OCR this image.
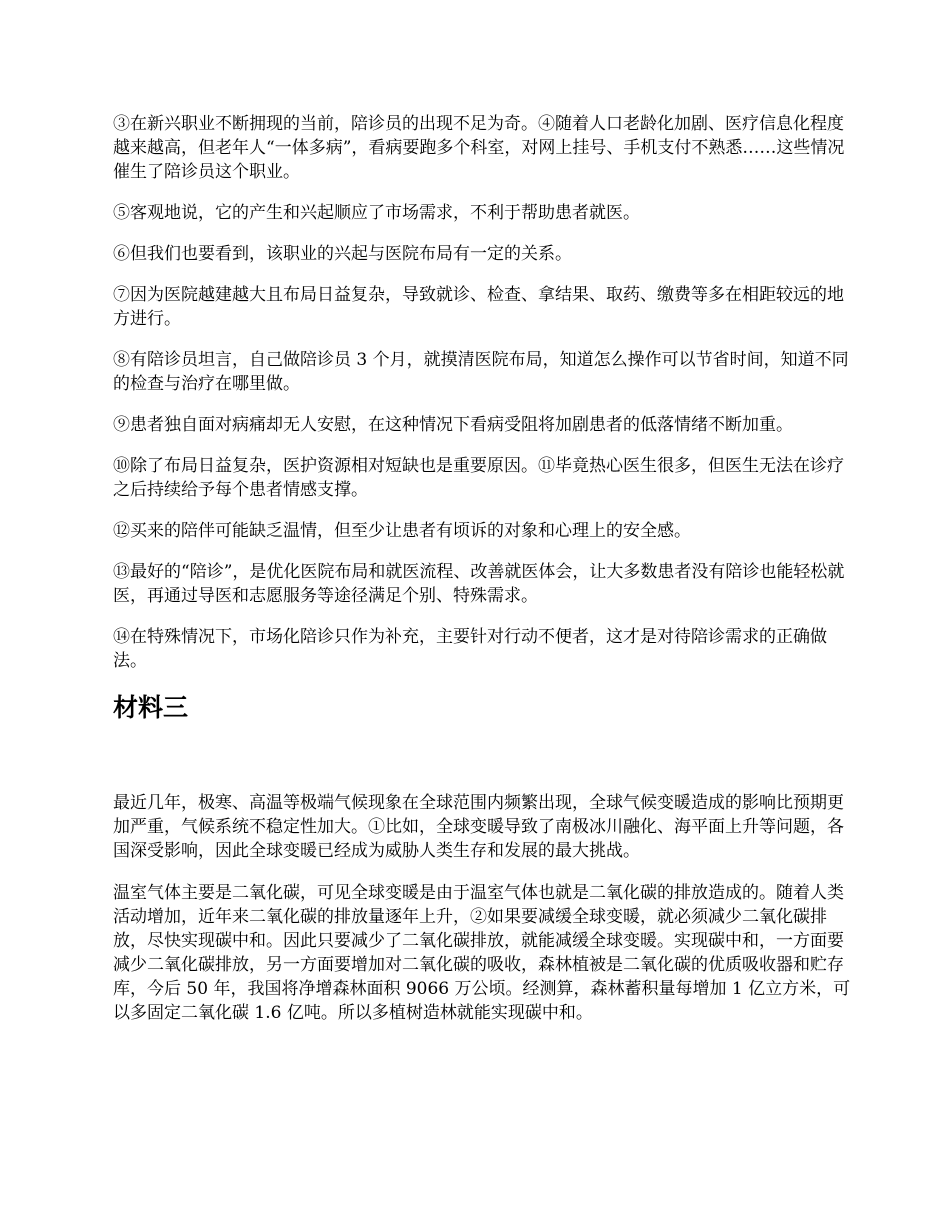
③在新兴职业不断拥现的当前，陪诊员的出现不足为奇。④随着人口老龄化加剧、医疗信息化程度越来越高，但老年人“一体多病”，看病要跑多个科室，对网上挂号、手机支付不熟悉……这些情况催生了陪诊员这个职业。

⑤客观地说，它的产生和兴起顺应了市场需求，不利于帮助患者就医。

⑥但我们也要看到，该职业的兴起与医院布局有一定的关系。

⑦因为医院越建越大且布局日益复杂，导致就诊、检查、拿结果、取药、缴费等多在相距较远的地方进行。

⑧有陪诊员坦言，自己做陪诊员 3 个月，就摸清医院布局，知道怎么操作可以节省时间，知道不同的检查与治疗在哪里做。

⑨患者独自面对病痛却无人安慰，在这种情况下看病受阻将加剧患者的低落情绪不断加重。

⑩除了布局日益复杂，医护资源相对短缺也是重要原因。⑪毕竟热心医生很多，但医生无法在诊疗之后持续给予每个患者情感支撑。

⑫买来的陪伴可能缺乏温情，但至少让患者有顷诉的对象和心理上的安全感。

⑬最好的“陪诊”，是优化医院布局和就医流程、改善就医体会，让大多数患者没有陪诊也能轻松就医，再通过导医和志愿服务等途径满足个别、特殊需求。

⑭在特殊情况下，市场化陪诊只作为补充，主要针对行动不便者，这才是对待陪诊需求的正确做法。

材料三

最近几年，极寒、高温等极端气候现象在全球范围内频繁出现，全球气候变暖造成的影响比预期更加严重，气候系统不稳定性加大。①比如，全球变暖导致了南极冰川融化、海平面上升等问题，各国深受影响，因此全球变暖已经成为威胁人类生存和发展的最大挑战。

温室气体主要是二氧化碳，可见全球变暖是由于温室气体也就是二氧化碳的排放造成的。随着人类活动增加，近年来二氧化碳的排放量逐年上升，②如果要减缓全球变暖，就必须减少二氧化碳排放，尽快实现碳中和。因此只要减少了二氧化碳排放，就能减缓全球变暖。实现碳中和，一方面要减少二氧化碳排放，另一方面要增加对二氧化碳的吸收，森林植被是二氧化碳的优质吸收器和贮存库，今后 50 年，我国将净增森林面积 9066 万公顷。经测算，森林蓄积量每增加 1 亿立方米，可以多固定二氧化碳 1.6 亿吨。所以多植树造林就能实现碳中和。
